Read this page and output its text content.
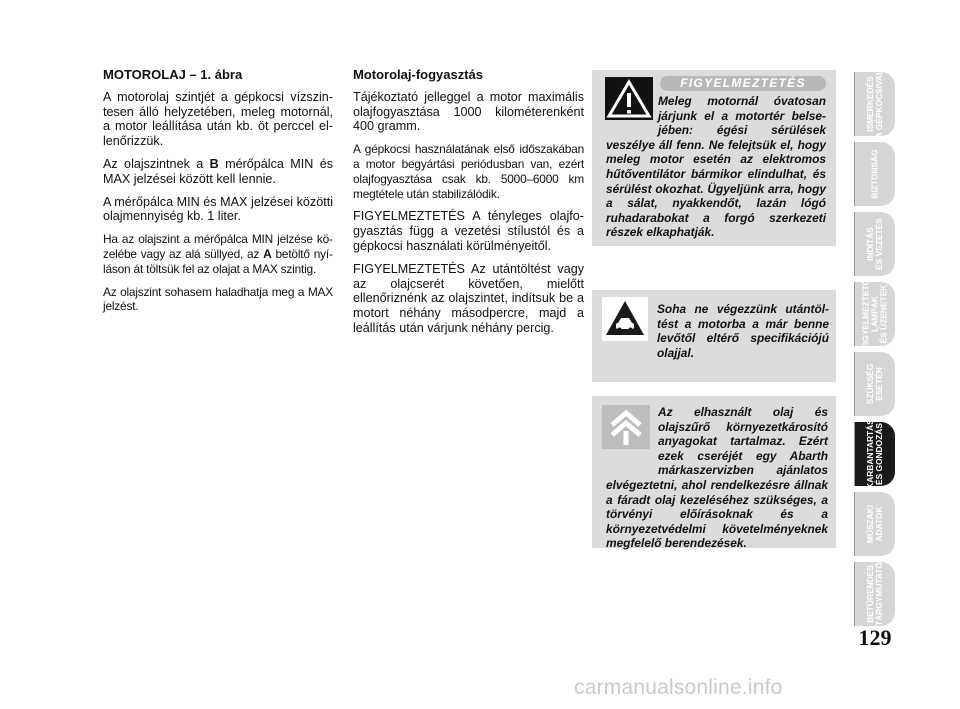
MOTOROLAJ – 1. ábra

A motorolaj szintjét a gépkocsi vízszintesen álló helyzetében, meleg motornál, a motor leállítása után kb. öt perccel ellenőrizzük.

Az olajszintnek a B mérőpálca MIN és MAX jelzései között kell lennie.

A mérőpálca MIN és MAX jelzései közötti olajmennyiség kb. 1 liter.

Ha az olajszint a mérőpálca MIN jelzése közelébe vagy az alá süllyed, az A betöltő nyíláson át töltsük fel az olajat a MAX szintig.

Az olajszint sohasem haladhatja meg a MAX jelzést.

Motorolaj-fogyasztás

Tájékoztató jelleggel a motor maximális olajfogyasztása 1000 kilométerenként 400 gramm.

A gépkocsi használatának első időszakában a motor begyártási periódusban van, ezért olajfogyasztása csak kb. 5000–6000 km megtétele után stabilizálódik.

FIGYELMEZTETÉS A tényleges olajfogyasztás függ a vezetési stílustól és a gépkocsi használati körülményeitől.

FIGYELMEZTETÉS Az utántöltést vagy az olajcserét követően, mielőtt ellenőriznénk az olajszintet, indítsuk be a motort néhány másodpercre, majd a leállítás után várjunk néhány percig.

FIGYELMEZTETÉS
Meleg motornál óvatosan járjunk el a motortér belsejében: égési sérülések veszélye áll fenn. Ne felejtsük el, hogy meleg motor esetén az elektromos hűtőventilátor bármikor elindulhat, és sérülést okozhat. Ügyeljünk arra, hogy a sálat, nyakkendőt, lazán lógó ruhadarabokat a forgó szerkezeti részek elkaphatják.
Soha ne végezzünk utántöltést a motorba a már benne levőtől eltérő specifikációjú olajjal.
Az elhasznált olaj és olajszűrő környezetkárosító anyagokat tartalmaz. Ezért ezek cseréjét egy Abarth márkaszervizben ajánlatos elvégeztetni, ahol rendelkezésre állnak a fáradt olaj kezeléséhez szükséges, a törvényi előírásoknak és a környezetvédelmi követelményeknek megfelelő berendezések.
ISMERKEDÉS A GÉPKOCSIVAL
BIZTONSÁG
INDÍTÁS ÉS VEZETÉS
FIGYELMEZTETŐ LÁMPÁK ÉS ÜZENETEK
SZÜKSÉG ESETÉN
KARBANTARTÁS ÉS GONDOZÁS
MŰSZAKI ADATOK
BETŰRENDES TÁRGYMUTATÓ
129
carmanualsonline.info
